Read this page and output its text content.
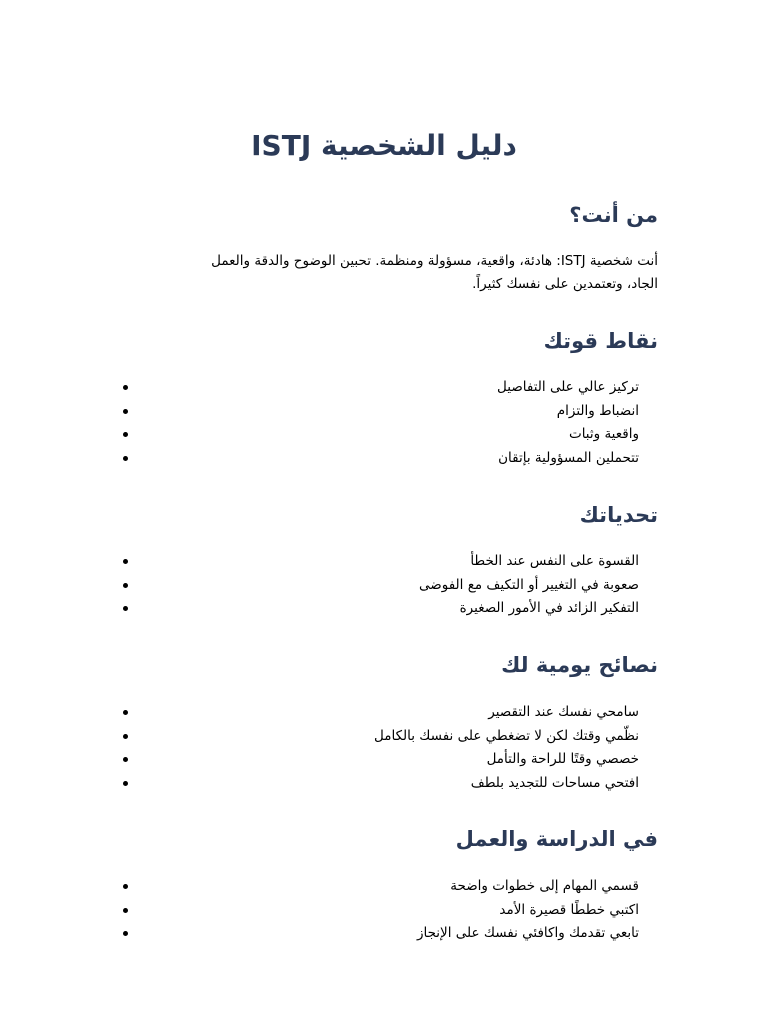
دليل الشخصية ISTJ
من أنت؟
أنت شخصية ISTJ: هادئة، واقعية، مسؤولة ومنظمة. تحبين الوضوح والدقة والعمل
الجاد، وتعتمدين على نفسك كثيراً.
نقاط قوتك
تركيز عالي على التفاصيل
انضباط والتزام
واقعية وثبات
تتحملين المسؤولية بإتقان
تحدياتك
القسوة على النفس عند الخطأ
صعوبة في التغيير أو التكيف مع الفوضى
التفكير الزائد في الأمور الصغيرة
نصائح يومية لك
سامحي نفسك عند التقصير
نظّمي وقتك لكن لا تضغطي على نفسك بالكامل
خصصي وقتًا للراحة والتأمل
افتحي مساحات للتجديد بلطف
في الدراسة والعمل
قسمي المهام إلى خطوات واضحة
اكتبي خططًا قصيرة الأمد
تابعي تقدمك واكافئي نفسك على الإنجاز
